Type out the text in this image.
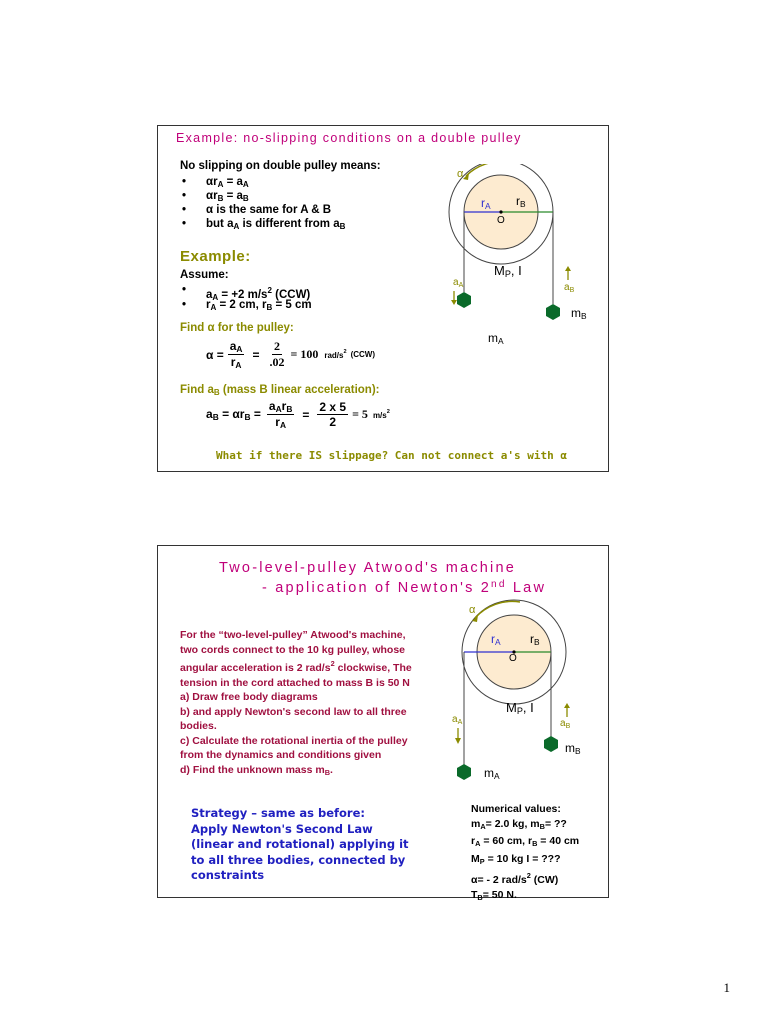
Example: no-slipping conditions on a double pulley
No slipping on double pulley means:
• $\alpha r_A = a_A$
• $\alpha r_B = a_B$
• α is the same for A & B
• but $a_A$ is different from $a_B$
Example:
Assume:
• $a_A = +2$ $m/s^2$ (CCW)
• $r_A = 2$ cm, $r_B = 5$ cm
Find α for the pulley:
$\alpha = \frac{a_A}{r_A} = \frac{2}{.02} = 100$ rad/$s^2$ (CCW)
Find $a_B$ (mass B linear acceleration):
$a_B = \alpha r_B = \frac{a_Ar_B}{r_A} = \frac{2 x 5}{2} = 5$ $m/s^2$
What if there IS slippage? Can not connect a's with α
α
$r_A$ $r_B$
O
$M_P$, I
$a_A$	$a_B$
$m_A$
$m_B$
Two-level-pulley Atwood's machine
- application of Newton's 2nd Law
For the “two-level-pulley” Atwood's machine,
two cords connect to the 10 kg pulley, whose
angular acceleration is 2 rad/$s^2$ clockwise, The
tension in the cord attached to mass B is 50 N
a) Draw free body diagrams
b) and apply Newton's second law to all three
bodies.
c) Calculate the rotational inertia of the pulley
from the dynamics and conditions given
d) Find the unknown mass $m_B$.
Strategy – same as before:
Apply Newton's Second Law
(linear and rotational) applying it
to all three bodies, connected by
constraints
Numerical values:
$m_A= 2.0$ kg, $m_B=$ ??
$r_A = 60$ cm, $r_B = 40$ cm
$M_P = 10$ kg I = ???
α= - 2 rad/$s^2$ (CW)
$T_B= 50$ N.
α
$r_A$ $r_B$
O
$M_P$, I
$a_A$	$a_B$
$m_A$
$m_B$
1
